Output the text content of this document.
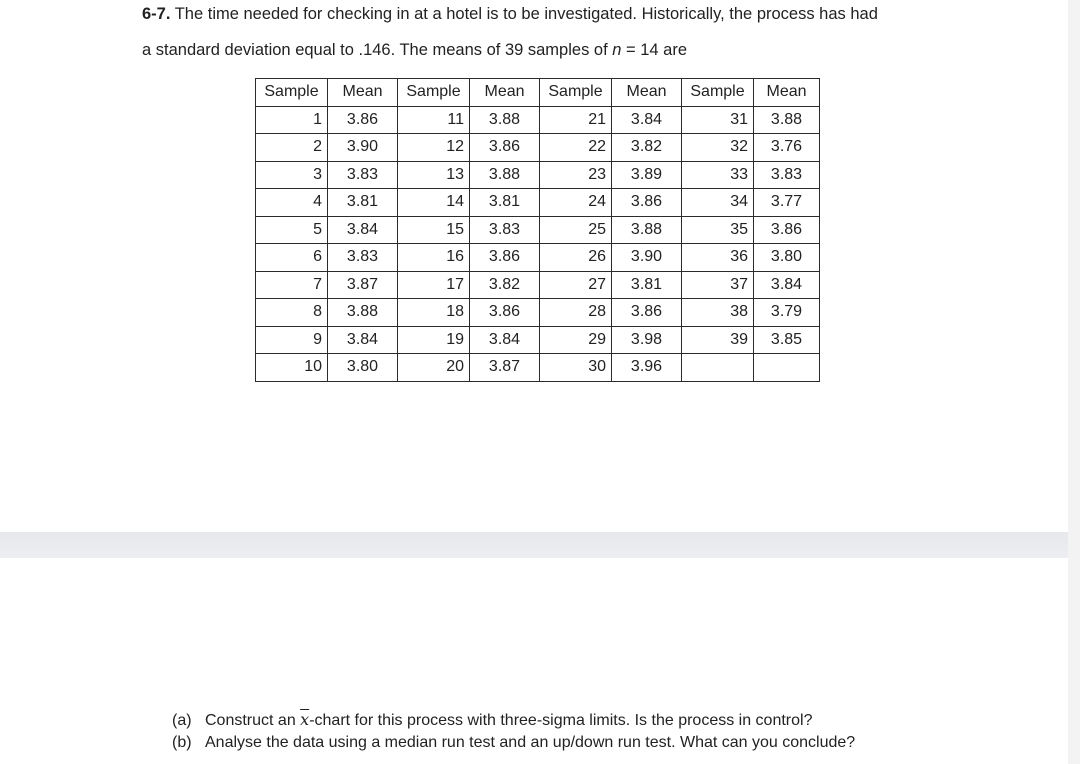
6-7. The time needed for checking in at a hotel is to be investigated. Historically, the process has had
a standard deviation equal to .146. The means of 39 samples of n = 14 are
Sample	Mean	Sample	Mean	Sample	Mean	Sample	Mean
1	3.86	11	3.88	21	3.84	31	3.88
2	3.90	12	3.86	22	3.82	32	3.76
3	3.83	13	3.88	23	3.89	33	3.83
4	3.81	14	3.81	24	3.86	34	3.77
5	3.84	15	3.83	25	3.88	35	3.86
6	3.83	16	3.86	26	3.90	36	3.80
7	3.87	17	3.82	27	3.81	37	3.84
8	3.88	18	3.86	28	3.86	38	3.79
9	3.84	19	3.84	29	3.98	39	3.85
10	3.80	20	3.87	30	3.96		
(a) Construct an $\overline{x}$-chart for this process with three-sigma limits. Is the process in control?
(b) Analyse the data using a median run test and an up/down run test. What can you conclude?
